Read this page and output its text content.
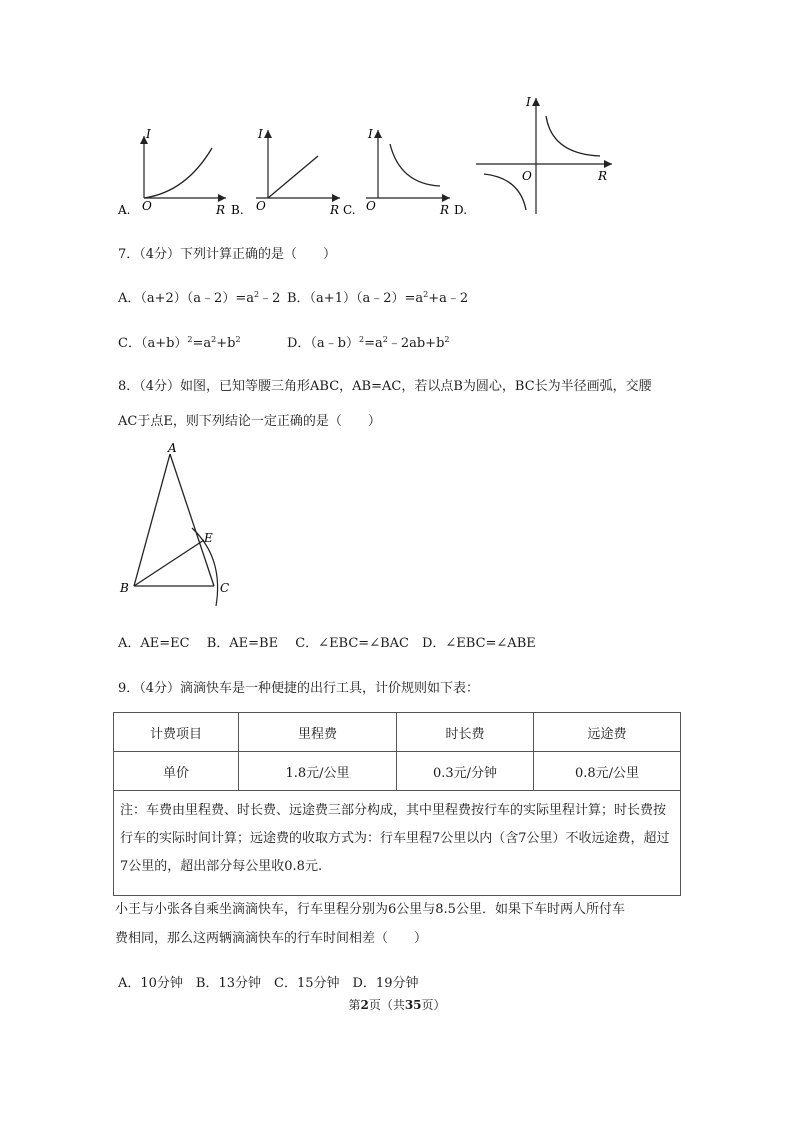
I
O	R
A.
I
O	R
B.
I
O	R
C.
I
O	R
D.
7．（4分）下列计算正确的是（　　）
A．$(a+2)(a﹣2)=a^2﹣2$ B．$(a+1)(a﹣2)=a^2+a﹣2$
C．$(a+b)^2=a^2+b^2$	D．$(a﹣b)^2=a^2﹣2ab+b^2$
8．（4分）如图，已知等腰三角形ABC，AB=AC，若以点B为圆心，BC长为半径画弧，交腰
AC于点E，则下列结论一定正确的是（　　）
A
B	C
E
A．AE=EC　 B．AE=BE　 C．∠EBC=∠BAC　D．∠EBC=∠ABE
9．（4分）滴滴快车是一种便捷的出行工具，计价规则如下表：
计费项目	里程费	时长费	远途费
单价	1.8元/公里	0.3元/分钟	0.8元/公里
注：车费由里程费、时长费、远途费三部分构成，其中里程费按行车的实际里程计算；时长费按行车的实际时间计算；远途费的收取方式为：行车里程7公里以内（含7公里）不收远途费，超过7公里的，超出部分每公里收0.8元.			
小王与小张各自乘坐滴滴快车，行车里程分别为6公里与8.5公里．如果下车时两人所付车
费相同，那么这两辆滴滴快车的行车时间相差（　　）
A．10分钟　B．13分钟　C．15分钟　D．19分钟
第2页（共35页）
